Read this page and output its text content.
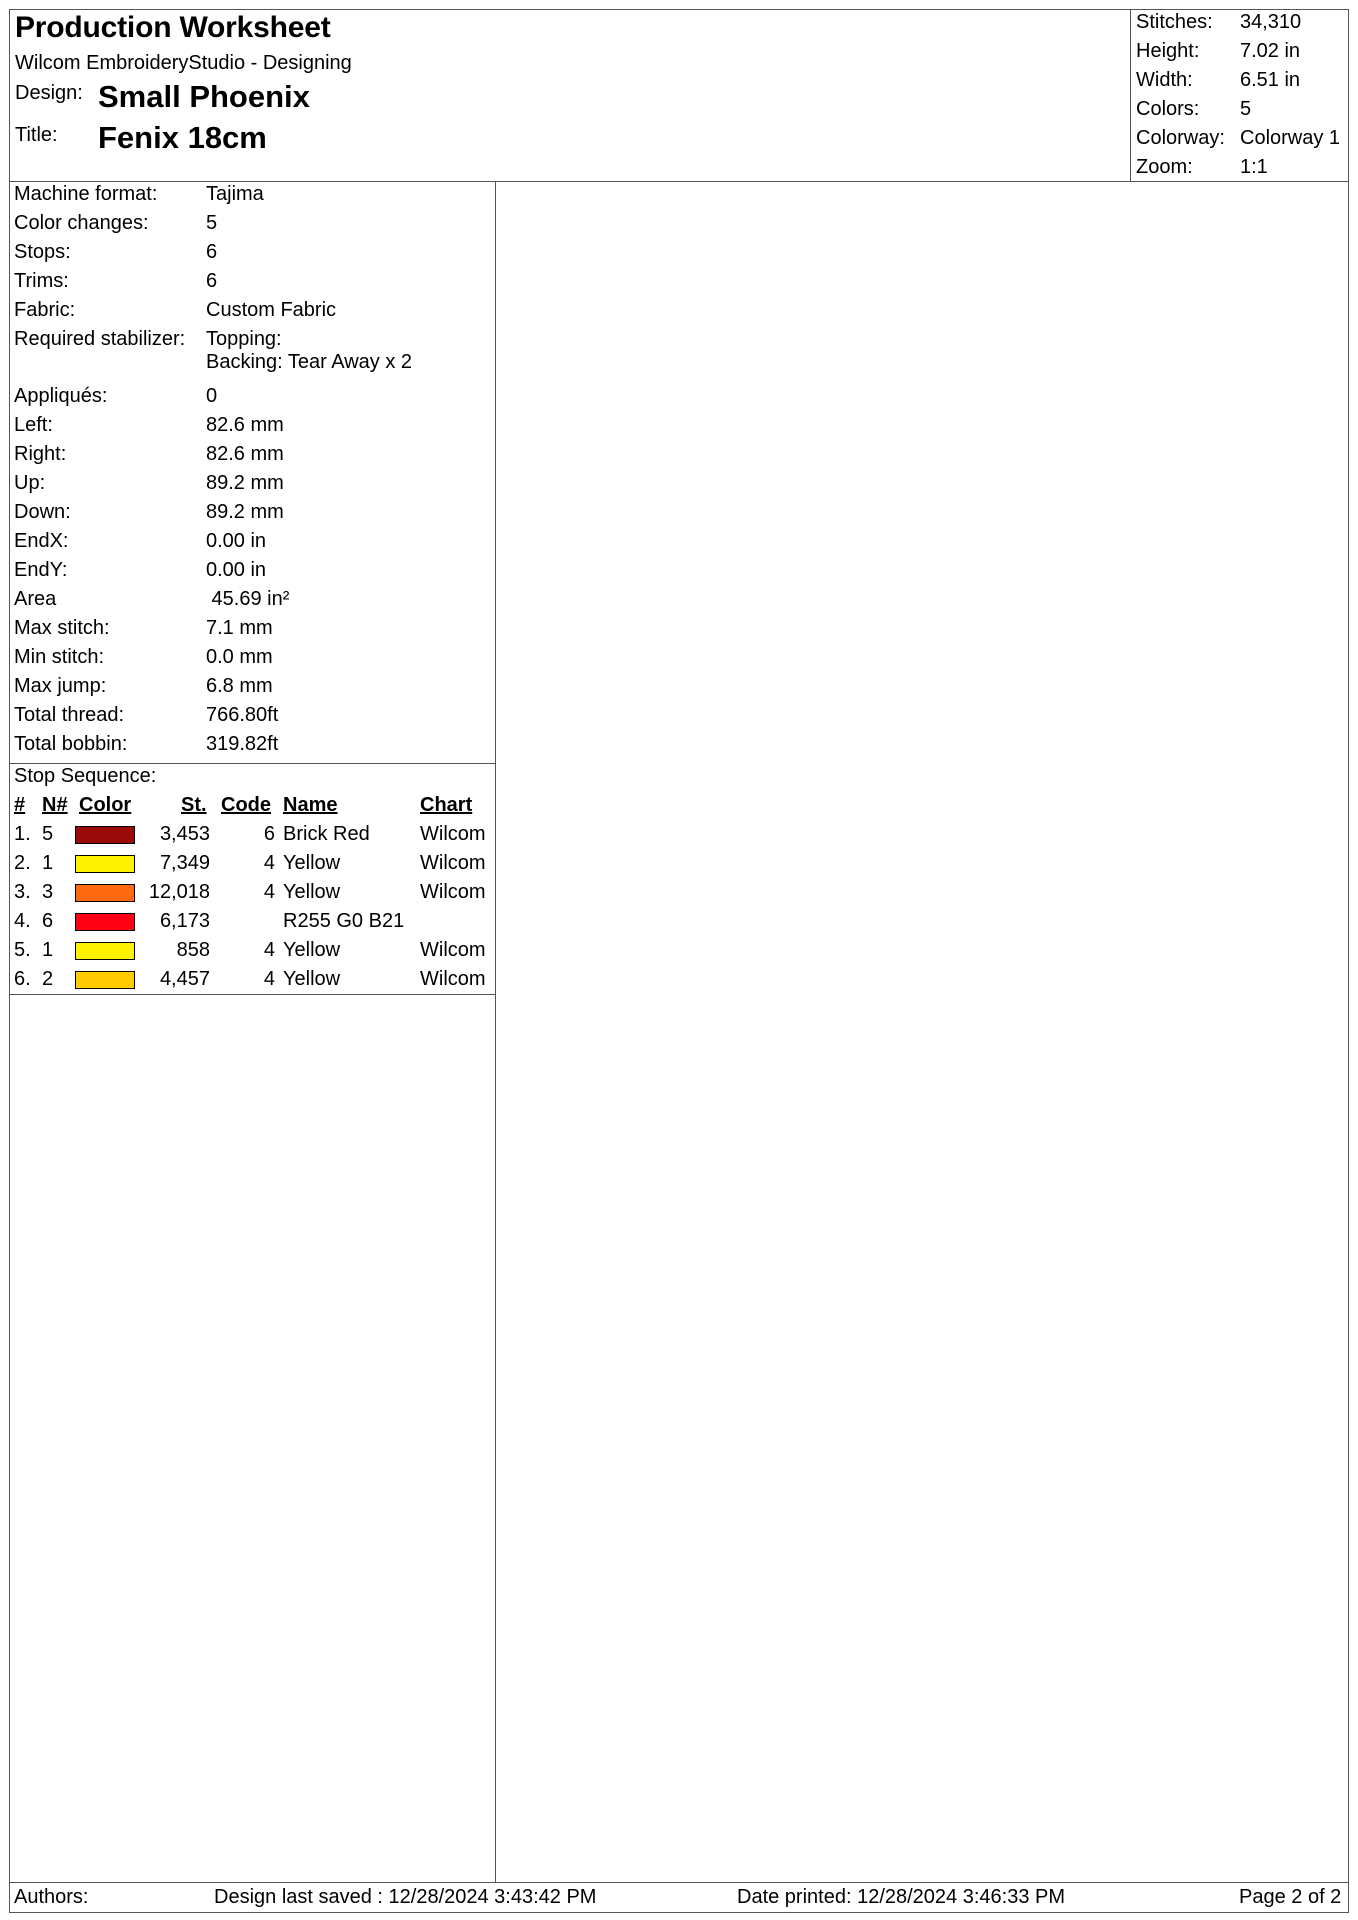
Production Worksheet
Wilcom EmbroideryStudio - Designing
Design: Small Phoenix
Title: Fenix 18cm
Stitches: 34,310
Height: 7.02 in
Width: 6.51 in
Colors: 5
Colorway: Colorway 1
Zoom: 1:1
Machine format: Tajima
Color changes:	5
Stops:	6
Trims:	6
Fabric:	Custom Fabric
Required stabilizer: Topping:
Backing: Tear Away x 2
Appliqués:	0
Left:	82.6 mm
Right:	82.6 mm
Up:	89.2 mm
Down:	89.2 mm
EndX:	0.00 in
EndY:	0.00 in
Area	45.69 in²
Max stitch:	7.1 mm
Min stitch:	0.0 mm
Max jump:	6.8 mm
Total thread:	766.80ft
Total bobbin:	319.82ft
Stop Sequence:
# N# Color St. Code Name	Chart
1. 5	3,453	6 Brick Red	Wilcom
2. 1	7,349	4 Yellow	Wilcom
3. 3	12,018	4 Yellow	Wilcom
4. 6	6,173	R255 G0 B21
5. 1	858	4 Yellow	Wilcom
6. 2	4,457	4 Yellow	Wilcom
Authors:	Design last saved : 12/28/2024 3:43:42 PM	Date printed: 12/28/2024 3:46:33 PM	Page 2 of 2
